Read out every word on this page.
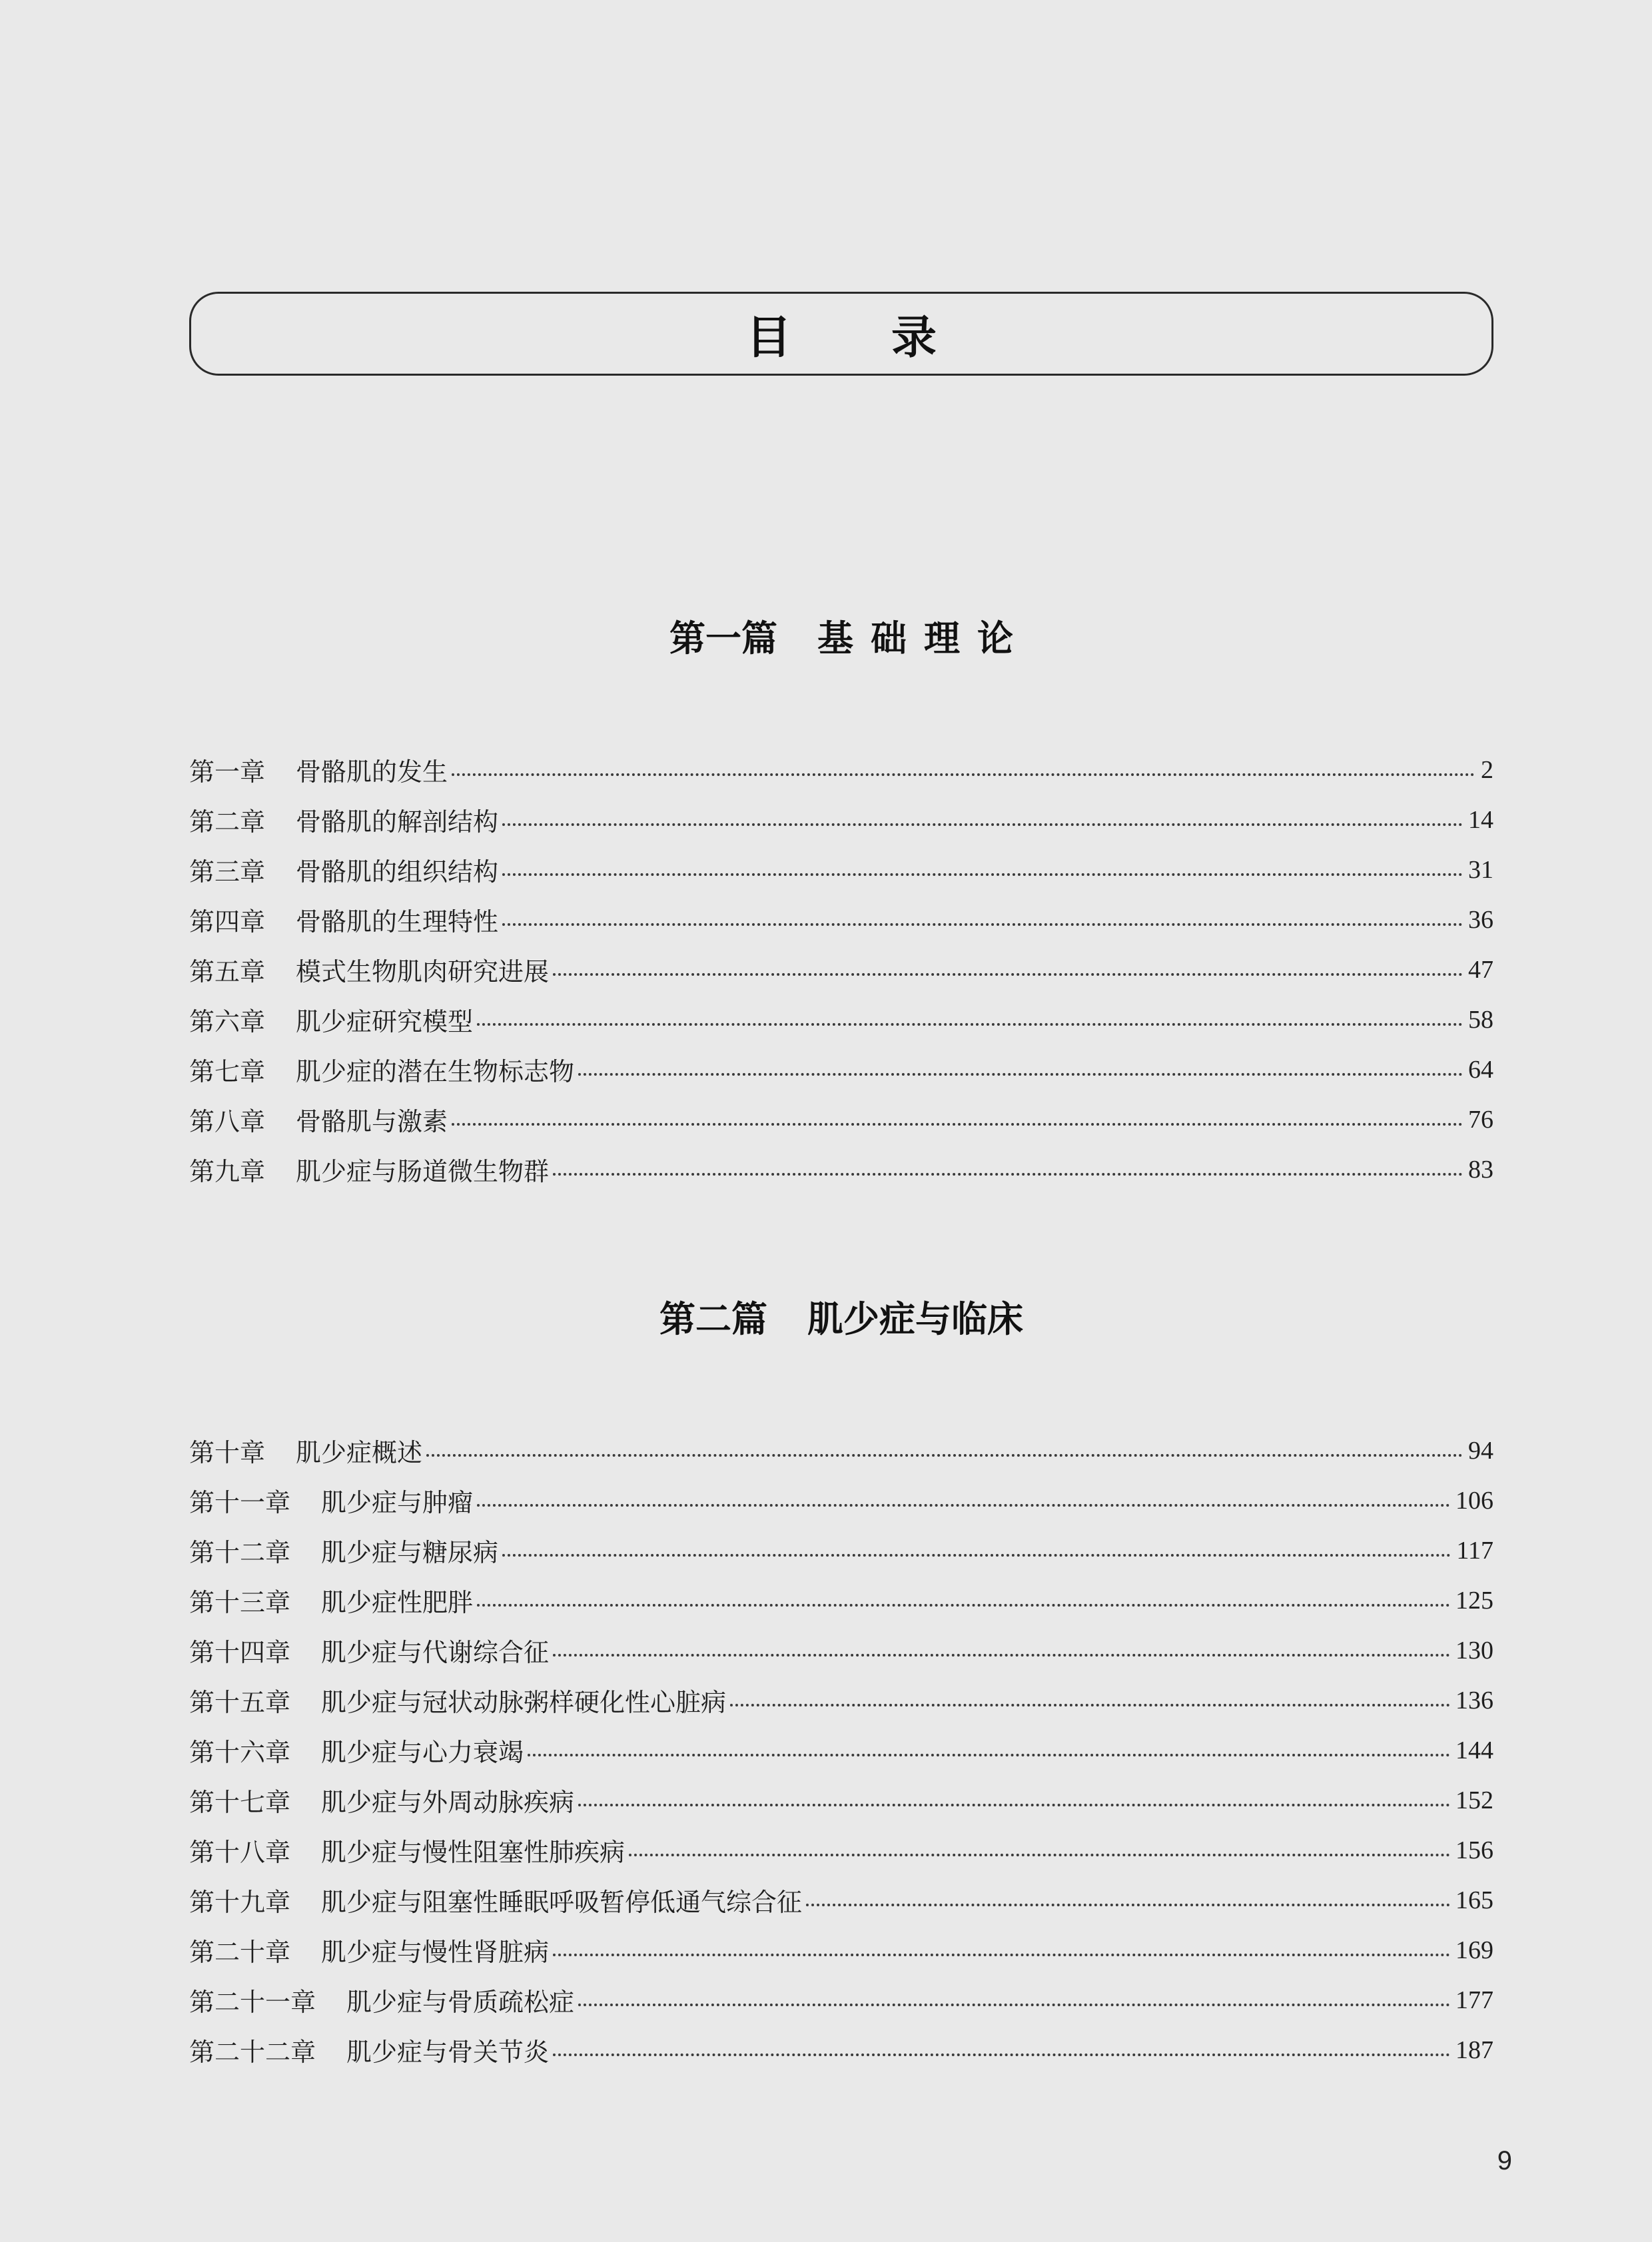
目录
第一篇 基础理论
第一章 骨骼肌的发生	2
第二章 骨骼肌的解剖结构	14
第三章 骨骼肌的组织结构	31
第四章 骨骼肌的生理特性	36
第五章 模式生物肌肉研究进展	47
第六章 肌少症研究模型	58
第七章 肌少症的潜在生物标志物	64
第八章 骨骼肌与激素	76
第九章 肌少症与肠道微生物群	83
第二篇 肌少症与临床
第十章 肌少症概述	94
第十一章 肌少症与肿瘤	106
第十二章 肌少症与糖尿病	117
第十三章 肌少症性肥胖	125
第十四章 肌少症与代谢综合征	130
第十五章 肌少症与冠状动脉粥样硬化性心脏病	136
第十六章 肌少症与心力衰竭	144
第十七章 肌少症与外周动脉疾病	152
第十八章 肌少症与慢性阻塞性肺疾病	156
第十九章 肌少症与阻塞性睡眠呼吸暂停低通气综合征	165
第二十章 肌少症与慢性肾脏病	169
第二十一章 肌少症与骨质疏松症	177
第二十二章 肌少症与骨关节炎	187
9
